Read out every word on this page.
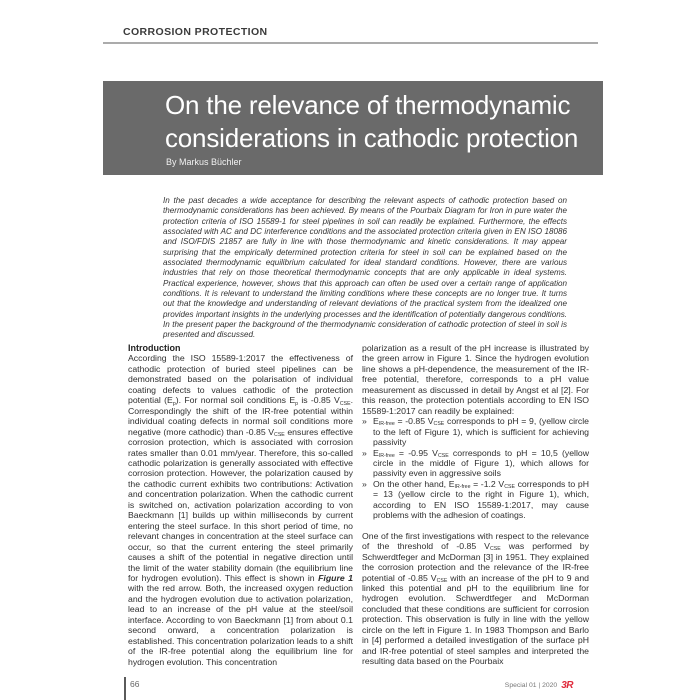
CORROSION PROTECTION
On the relevance of thermodynamic
considerations in cathodic protection
By Markus Büchler
In the past decades a wide acceptance for describing the relevant aspects of cathodic protection based on thermodynamic considerations has been achieved. By means of the Pourbaix Diagram for Iron in pure water the protection criteria of ISO 15589-1 for steel pipelines in soil can readily be explained. Furthermore, the effects associated with AC and DC interference conditions and the associated protection criteria given in EN ISO 18086 and ISO/FDIS 21857 are fully in line with those thermodynamic and kinetic considerations. It may appear surprising that the empirically determined protection criteria for steel in soil can be explained based on the associated thermodynamic equilibrium calculated for ideal standard conditions. However, there are various industries that rely on those theoretical thermodynamic concepts that are only applicable in ideal systems. Practical experience, however, shows that this approach can often be used over a certain range of application conditions. It is relevant to understand the limiting conditions where these concepts are no longer true. It turns out that the knowledge and understanding of relevant deviations of the practical system from the idealized one provides important insights in the underlying processes and the identification of potentially dangerous conditions. In the present paper the background of the thermodynamic consideration of cathodic protection of steel in soil is presented and discussed.
Introduction

According the ISO 15589-1:2017 the effectiveness of cathodic protection of buried steel pipelines can be demonstrated based on the polarisation of individual coating defects to values cathodic of the protection potential $(E_p)$. For normal soil conditions $E_p$ is -0.85 $V_{CSE}$. Correspondingly the shift of the IR-free potential within individual coating defects in normal soil conditions more negative (more cathodic) than -0.85 $V_{CSE}$ ensures effective corrosion protection, which is associated with corrosion rates smaller than 0.01 mm/year. Therefore, this so-called cathodic polarization is generally associated with effective corrosion protection. However, the polarization caused by the cathodic current exhibits two contributions: Activation and concentration polarization. When the cathodic current is switched on, activation polarization according to von Baeckmann [1] builds up within milliseconds by current entering the steel surface. In this short period of time, no relevant changes in concentration at the steel surface can occur, so that the current entering the steel primarily causes a shift of the potential in negative direction until the limit of the water stability domain (the equilibrium line for hydrogen evolution). This effect is shown in Figure 1 with the red arrow. Both, the increased oxygen reduction and the hydrogen evolution due to activation polarization, lead to an increase of the pH value at the steel/soil interface. According to von Baeckmann [1] from about 0.1 second onward, a concentration polarization is established. This concentration polarization leads to a shift of the IR-free potential along the equilibrium line for hydrogen evolution. This concentration

polarization as a result of the pH increase is illustrated by the green arrow in Figure 1. Since the hydrogen evolution line shows a pH-dependence, the measurement of the IR-free potential, therefore, corresponds to a pH value measurement as discussed in detail by Angst et al [2]. For this reason, the protection potentials according to EN ISO 15589-1:2017 can readily be explained:

» $E_{IR-free} = -0.85$ $V_{CSE}$ corresponds to pH = 9, (yellow circle to the left of Figure 1), which is sufficient for achieving passivity
» $E_{IR-free} = -0.95$ $V_{CSE}$ corresponds to pH = 10,5 (yellow circle in the middle of Figure 1), which allows for passivity even in aggressive soils
» On the other hand, $E_{IR-free} = -1.2$ $V_{CSE}$ corresponds to pH = 13 (yellow circle to the right in Figure 1), which, according to EN ISO 15589-1:2017, may cause problems with the adhesion of coatings.

One of the first investigations with respect to the relevance of the threshold of -0.85 $V_{CSE}$ was performed by Schwerdtfeger and McDorman [3] in 1951. They explained the corrosion protection and the relevance of the IR-free potential of -0.85 $V_{CSE}$ with an increase of the pH to 9 and linked this potential and pH to the equilibrium line for hydrogen evolution. Schwerdtfeger and McDorman concluded that these conditions are sufficient for corrosion protection. This observation is fully in line with the yellow circle on the left in Figure 1. In 1983 Thompson and Barlo in [4] performed a detailed investigation of the surface pH and IR-free potential of steel samples and interpreted the resulting data based on the Pourbaix

66	Special 01 | 2020 3R
